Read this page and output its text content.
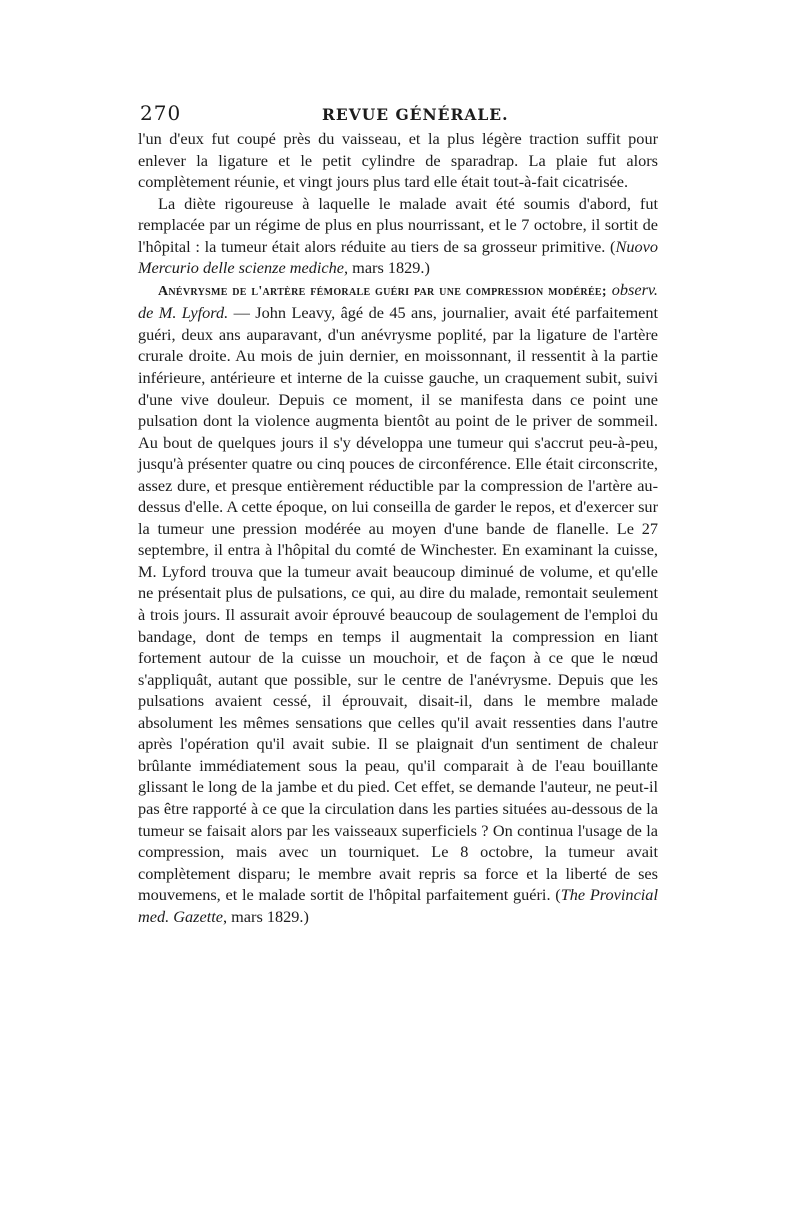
270	REVUE GÉNÉRALE.

l'un d'eux fut coupé près du vaisseau, et la plus légère traction suffit pour enlever la ligature et le petit cylindre de sparadrap. La plaie fut alors complètement réunie, et vingt jours plus tard elle était tout-à-fait cicatrisée.

La diète rigoureuse à laquelle le malade avait été soumis d'abord, fut remplacée par un régime de plus en plus nourrissant, et le 7 octobre, il sortit de l'hôpital : la tumeur était alors réduite au tiers de sa grosseur primitive. (Nuovo Mercurio delle scienze mediche, mars 1829.)

Anévrysme de l'artère fémorale guéri par une compression modérée; observ. de M. Lyford. — John Leavy, âgé de 45 ans, journalier, avait été parfaitement guéri, deux ans auparavant, d'un anévrysme poplité, par la ligature de l'artère crurale droite. Au mois de juin dernier, en moissonnant, il ressentit à la partie inférieure, antérieure et interne de la cuisse gauche, un craquement subit, suivi d'une vive douleur. Depuis ce moment, il se manifesta dans ce point une pulsation dont la violence augmenta bientôt au point de le priver de sommeil. Au bout de quelques jours il s'y développa une tumeur qui s'accrut peu-à-peu, jusqu'à présenter quatre ou cinq pouces de circonférence. Elle était circonscrite, assez dure, et presque entièrement réductible par la compression de l'artère au-dessus d'elle. A cette époque, on lui conseilla de garder le repos, et d'exercer sur la tumeur une pression modérée au moyen d'une bande de flanelle. Le 27 septembre, il entra à l'hôpital du comté de Winchester. En examinant la cuisse, M. Lyford trouva que la tumeur avait beaucoup diminué de volume, et qu'elle ne présentait plus de pulsations, ce qui, au dire du malade, remontait seulement à trois jours. Il assurait avoir éprouvé beaucoup de soulagement de l'emploi du bandage, dont de temps en temps il augmentait la compression en liant fortement autour de la cuisse un mouchoir, et de façon à ce que le nœud s'appliquât, autant que possible, sur le centre de l'anévrysme. Depuis que les pulsations avaient cessé, il éprouvait, disait-il, dans le membre malade absolument les mêmes sensations que celles qu'il avait ressenties dans l'autre après l'opération qu'il avait subie. Il se plaignait d'un sentiment de chaleur brûlante immédiatement sous la peau, qu'il comparait à de l'eau bouillante glissant le long de la jambe et du pied. Cet effet, se demande l'auteur, ne peut-il pas être rapporté à ce que la circulation dans les parties situées au-dessous de la tumeur se faisait alors par les vaisseaux superficiels ? On continua l'usage de la compression, mais avec un tourniquet. Le 8 octobre, la tumeur avait complètement disparu; le membre avait repris sa force et la liberté de ses mouvemens, et le malade sortit de l'hôpital parfaitement guéri. (The Provincial med. Gazette, mars 1829.)
